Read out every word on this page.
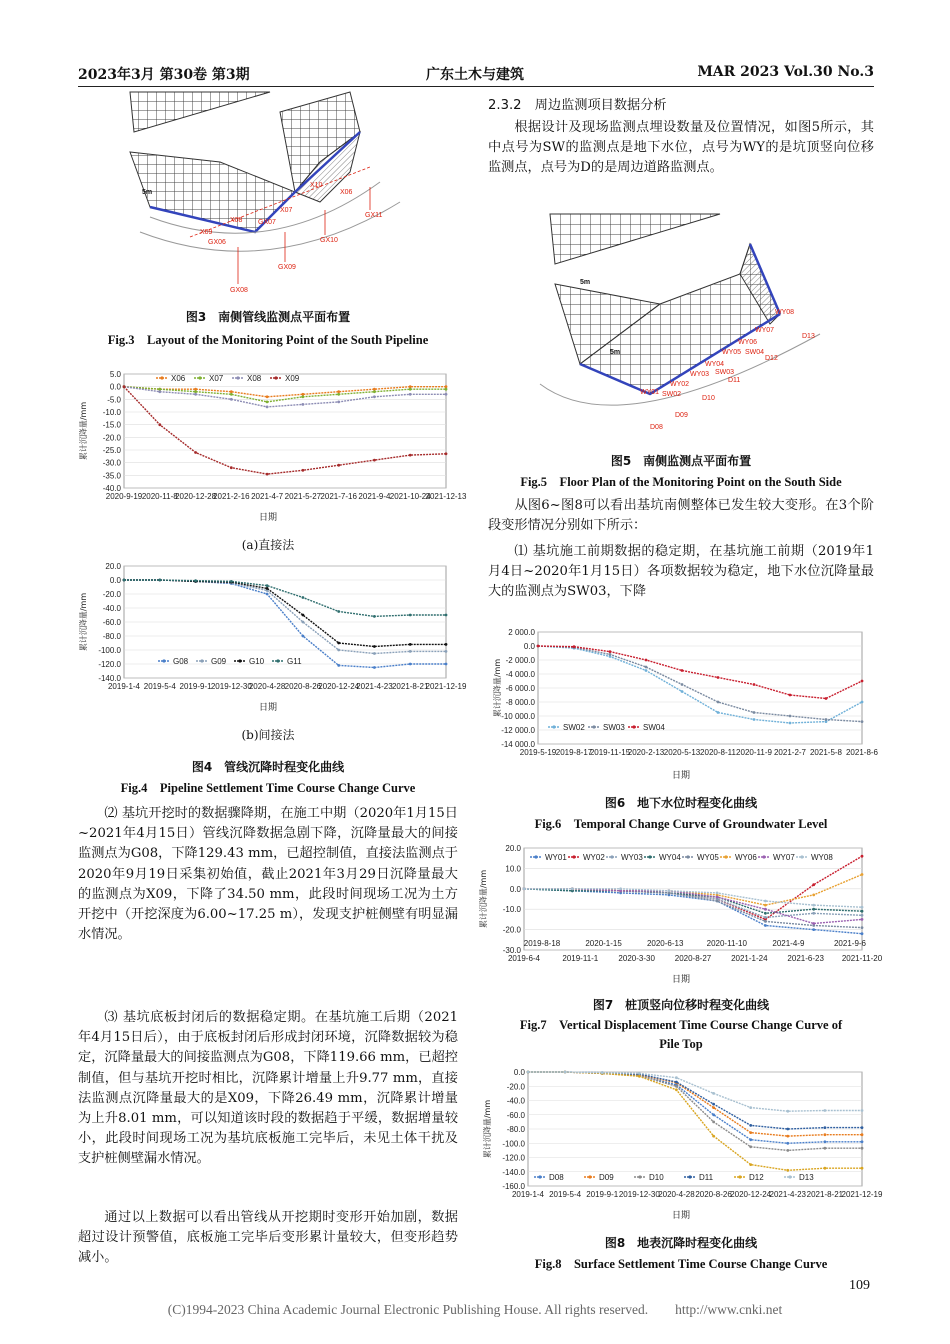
2023年3月 第30卷 第3期	广东土木与建筑	MAR 2023 Vol.30 No.3
5m
X09
X08
X07
X10
X06
GX06
GX07
GX08
GX09
GX10
GX11
图3　南侧管线监测点平面布置
Fig.3　Layout of the Monitoring Point of the South Pipeline
5.0
0.0
-5.0
-10.0
-15.0
-20.0
-25.0
-30.0
-35.0
-40.0
2020-9-19 2020-11-8
2020-12-28
2021-2-16 2021-4-7 2021-5-27 2021-7-16 2021-9-4 2021-10-24
2021-12-13
累计沉降量/mm
X06	X07	X08	X09
日期
(a)直接法
20.0
0.0
-20.0
-40.0
-60.0
-80.0
-100.0
-120.0
-140.0
2019-1-4 2019-5-4 2019-9-1 2019-12-30
2020-4-28 2020-8-26
2020-12-24
2021-4-23 2021-8-21
2021-12-19
累计沉降量/mm
G08	G09	G10	G11
日期
(b)间接法
图4　管线沉降时程变化曲线
Fig.4　Pipeline Settlement Time Course Change Curve
⑵ 基坑开挖时的数据骤降期，在施工中期（2020年1月15日~2021年4月15日）管线沉降数据急剧下降，沉降量最大的间接监测点为G08，下降129.43 mm，已超控制值，直接法监测点于2020年9月19日采集初始值，截止2021年3月29日沉降量最大的监测点为X09，下降了34.50 mm，此段时间现场工况为土方开挖中（开挖深度为6.00~17.25 m），发现支护桩侧壁有明显漏水情况。
⑶ 基坑底板封闭后的数据稳定期。在基坑施工后期（2021年4月15日后），由于底板封闭后形成封闭环境，沉降数据较为稳定，沉降量最大的间接监测点为G08，下降119.66 mm，已超控制值，但与基坑开挖时相比，沉降累计增量上升9.77 mm，直接法监测点沉降量最大的是X09，下降26.49 mm，沉降累计增量为上升8.01 mm，可以知道该时段的数据趋于平缓，数据增量较小，此段时间现场工况为基坑底板施工完毕后，未见土体干扰及支护桩侧壁漏水情况。
通过以上数据可以看出管线从开挖期时变形开始加剧，数据超过设计预警值，底板施工完毕后变形累计量较大，但变形趋势减小。
2.3.2　周边监测项目数据分析
根据设计及现场监测点埋设数量及位置情况，如图5所示，其中点号为SW的监测点是地下水位，点号为WY的是坑顶竖向位移监测点，点号为D的是周边道路监测点。
5m
5m
WY01
WY02
WY03
WY04
WY05
WY06
WY07
WY08
SW02
SW03
SW04
D08
D09
D10
D11
D12
D13
图5　南侧监测点平面布置
Fig.5　Floor Plan of the Monitoring Point on the South Side
从图6~图8可以看出基坑南侧整体已发生较大变形。在3个阶段变形情况分别如下所示：
⑴ 基坑施工前期数据的稳定期，在基坑施工前期（2019年1月4日~2020年1月15日）各项数据较为稳定，地下水位沉降量最大的监测点为SW03，下降
2 000.0
0.0
-2 000.0
-4 000.0
-6 000.0
-8 000.0
-10 000.0
-12 000.0
-14 000.0
2019-5-19 2019-8-17
2019-11-15
2020-2-13 2020-5-13 2020-8-11 2020-11-9 2021-2-7 2021-5-8 2021-8-6
累计沉降量/mm
SW02 SW03 SW04
日期
图6　地下水位时程变化曲线
Fig.6　Temporal Change Curve of Groundwater Level
20.0
10.0
0.0
-10.0
-20.0
-30.0
2019-8-18	2020-1-15	2020-6-13	2020-11-10	2021-4-9	2021-9-6
2019-6-4	2019-11-1	2020-3-30 2020-8-27 2021-1-24 2021-6-23 2021-11-20
累计沉降量/mm
WY01 WY02 WY03 WY04 WY05 WY06 WY07 WY08
日期
图7　桩顶竖向位移时程变化曲线
Fig.7　Vertical Displacement Time Course Change Curve of Pile Top
0.0
-20.0
-40.0
-60.0
-80.0
-100.0
-120.0
-140.0
-160.0
2019-1-4 2019-5-4 2019-9-1 2019-12-30
2020-4-28 2020-8-26
2020-12-24
2021-4-23 2021-8-21
2021-12-19
累计沉降量/mm
D08	D09	D10	D11	D12	D13
日期
图8　地表沉降时程变化曲线
Fig.8　Surface Settlement Time Course Change Curve
109
(C)1994-2023 China Academic Journal Electronic Publishing House. All rights reserved.　　http://www.cnki.net
